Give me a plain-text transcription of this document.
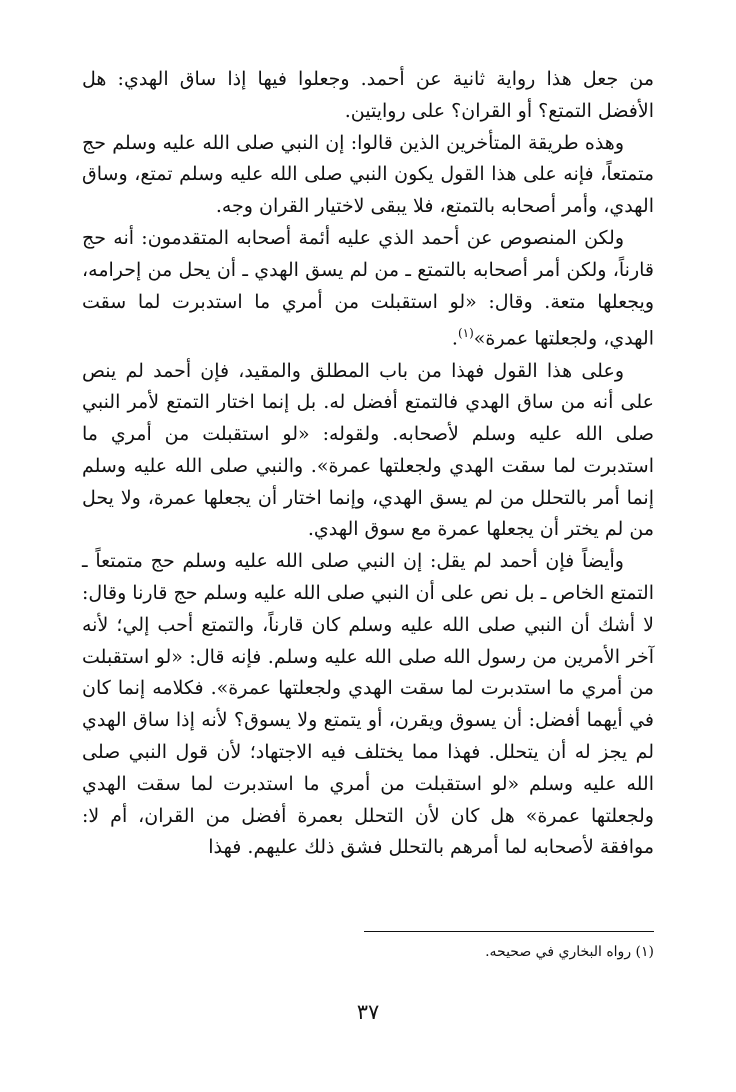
من جعل هذا رواية ثانية عن أحمد. وجعلوا فيها إذا ساق الهدي: هل الأفضل التمتع؟ أو القران؟ على روايتين.

وهذه طريقة المتأخرين الذين قالوا: إن النبي صلى الله عليه وسلم حج متمتعاً، فإنه على هذا القول يكون النبي صلى الله عليه وسلم تمتع، وساق الهدي، وأمر أصحابه بالتمتع، فلا يبقى لاختيار القران وجه.

ولكن المنصوص عن أحمد الذي عليه أئمة أصحابه المتقدمون: أنه حج قارناً، ولكن أمر أصحابه بالتمتع ـ من لم يسق الهدي ـ أن يحل من إحرامه، ويجعلها متعة. وقال: «لو استقبلت من أمري ما استدبرت لما سقت الهدي، ولجعلتها عمرة»$^{(١)}$.

وعلى هذا القول فهذا من باب المطلق والمقيد، فإن أحمد لم ينص على أنه من ساق الهدي فالتمتع أفضل له. بل إنما اختار التمتع لأمر النبي صلى الله عليه وسلم لأصحابه. ولقوله: «لو استقبلت من أمري ما استدبرت لما سقت الهدي ولجعلتها عمرة». والنبي صلى الله عليه وسلم إنما أمر بالتحلل من لم يسق الهدي، وإنما اختار أن يجعلها عمرة، ولا يحل من لم يختر أن يجعلها عمرة مع سوق الهدي.

وأيضاً فإن أحمد لم يقل: إن النبي صلى الله عليه وسلم حج متمتعاً ـ التمتع الخاص ـ بل نص على أن النبي صلى الله عليه وسلم حج قارنا وقال: لا أشك أن النبي صلى الله عليه وسلم كان قارناً، والتمتع أحب إلي؛ لأنه آخر الأمرين من رسول الله صلى الله عليه وسلم. فإنه قال: «لو استقبلت من أمري ما استدبرت لما سقت الهدي ولجعلتها عمرة». فكلامه إنما كان في أيهما أفضل: أن يسوق ويقرن، أو يتمتع ولا يسوق؟ لأنه إذا ساق الهدي لم يجز له أن يتحلل. فهذا مما يختلف فيه الاجتهاد؛ لأن قول النبي صلى الله عليه وسلم «لو استقبلت من أمري ما استدبرت لما سقت الهدي ولجعلتها عمرة» هل كان لأن التحلل بعمرة أفضل من القران، أم لا: موافقة لأصحابه لما أمرهم بالتحلل فشق ذلك عليهم. فهذا

(١) رواه البخاري في صحيحه.
٣٧
